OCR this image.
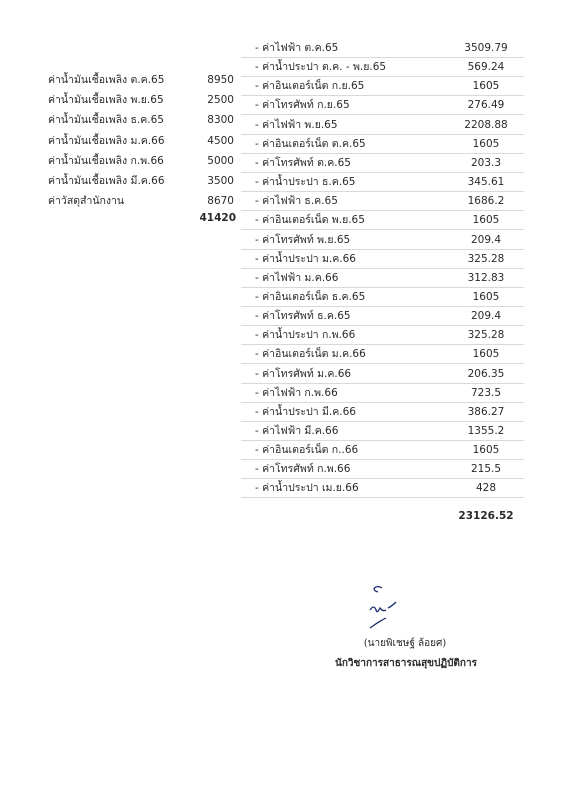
ค่าน้ำมันเชื้อเพลิง ต.ค.65	8950
ค่าน้ำมันเชื้อเพลิง พ.ย.65	2500
ค่าน้ำมันเชื้อเพลิง ธ.ค.65	8300
ค่าน้ำมันเชื้อเพลิง ม.ค.66	4500
ค่าน้ำมันเชื้อเพลิง ก.พ.66	5000
ค่าน้ำมันเชื้อเพลิง มี.ค.66	3500
ค่าวัสดุสำนักงาน	8670
41420
- ค่าไฟฟ้า ต.ค.65	3509.79
- ค่าน้ำประปา ต.ค. - พ.ย.65	569.24
- ค่าอินเตอร์เน็ต ก.ย.65	1605
- ค่าโทรศัพท์ ก.ย.65	276.49
- ค่าไฟฟ้า พ.ย.65	2208.88
- ค่าอินเตอร์เน็ต ต.ค.65	1605
- ค่าโทรศัพท์ ต.ค.65	203.3
- ค่าน้ำประปา ธ.ค.65	345.61
- ค่าไฟฟ้า ธ.ค.65	1686.2
- ค่าอินเตอร์เน็ต พ.ย.65	1605
- ค่าโทรศัพท์ พ.ย.65	209.4
- ค่าน้ำประปา ม.ค.66	325.28
- ค่าไฟฟ้า ม.ค.66	312.83
- ค่าอินเตอร์เน็ต ธ.ค.65	1605
- ค่าโทรศัพท์ ธ.ค.65	209.4
- ค่าน้ำประปา ก.พ.66	325.28
- ค่าอินเตอร์เน็ต ม.ค.66	1605
- ค่าโทรศัพท์ ม.ค.66	206.35
- ค่าไฟฟ้า ก.พ.66	723.5
- ค่าน้ำประปา มี.ค.66	386.27
- ค่าไฟฟ้า มี.ค.66	1355.2
- ค่าอินเตอร์เน็ต ก..66	1605
- ค่าโทรศัพท์ ก.พ.66	215.5
- ค่าน้ำประปา เม.ย.66	428
23126.52
(นายพิเชษฐ์ ล้อยศ)
นักวิชาการสาธารณสุขปฏิบัติการ
